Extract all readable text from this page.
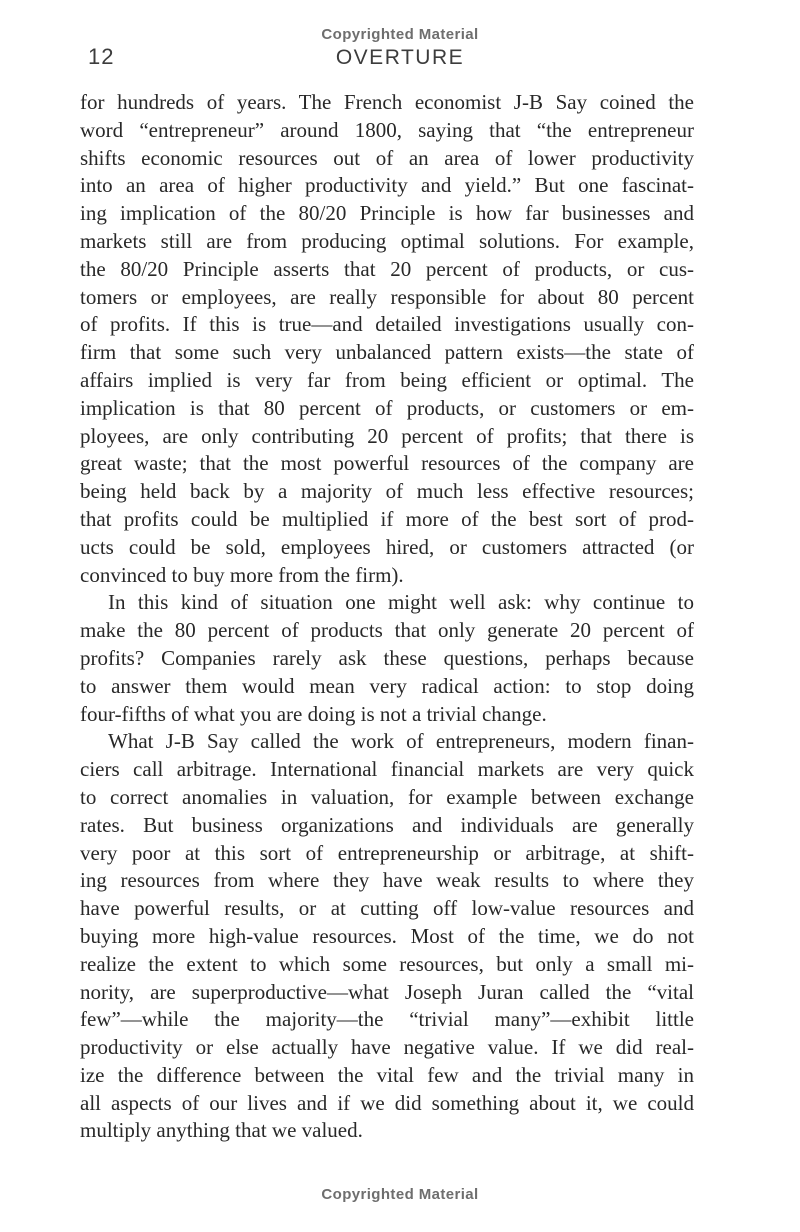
Copyrighted Material
12	OVERTURE
for hundreds of years. The French economist J-B Say coined the
word “entrepreneur” around 1800, saying that “the entrepreneur
shifts economic resources out of an area of lower productivity
into an area of higher productivity and yield.” But one fascinat-
ing implication of the 80/20 Principle is how far businesses and
markets still are from producing optimal solutions. For example,
the 80/20 Principle asserts that 20 percent of products, or cus-
tomers or employees, are really responsible for about 80 percent
of profits. If this is true—and detailed investigations usually con-
firm that some such very unbalanced pattern exists—the state of
affairs implied is very far from being efficient or optimal. The
implication is that 80 percent of products, or customers or em-
ployees, are only contributing 20 percent of profits; that there is
great waste; that the most powerful resources of the company are
being held back by a majority of much less effective resources;
that profits could be multiplied if more of the best sort of prod-
ucts could be sold, employees hired, or customers attracted (or
convinced to buy more from the firm).
In this kind of situation one might well ask: why continue to
make the 80 percent of products that only generate 20 percent of
profits? Companies rarely ask these questions, perhaps because
to answer them would mean very radical action: to stop doing
four-fifths of what you are doing is not a trivial change.
What J-B Say called the work of entrepreneurs, modern finan-
ciers call arbitrage. International financial markets are very quick
to correct anomalies in valuation, for example between exchange
rates. But business organizations and individuals are generally
very poor at this sort of entrepreneurship or arbitrage, at shift-
ing resources from where they have weak results to where they
have powerful results, or at cutting off low-value resources and
buying more high-value resources. Most of the time, we do not
realize the extent to which some resources, but only a small mi-
nority, are superproductive—what Joseph Juran called the “vital
few”—while the majority—the “trivial many”—exhibit little
productivity or else actually have negative value. If we did real-
ize the difference between the vital few and the trivial many in
all aspects of our lives and if we did something about it, we could
multiply anything that we valued.
Copyrighted Material
